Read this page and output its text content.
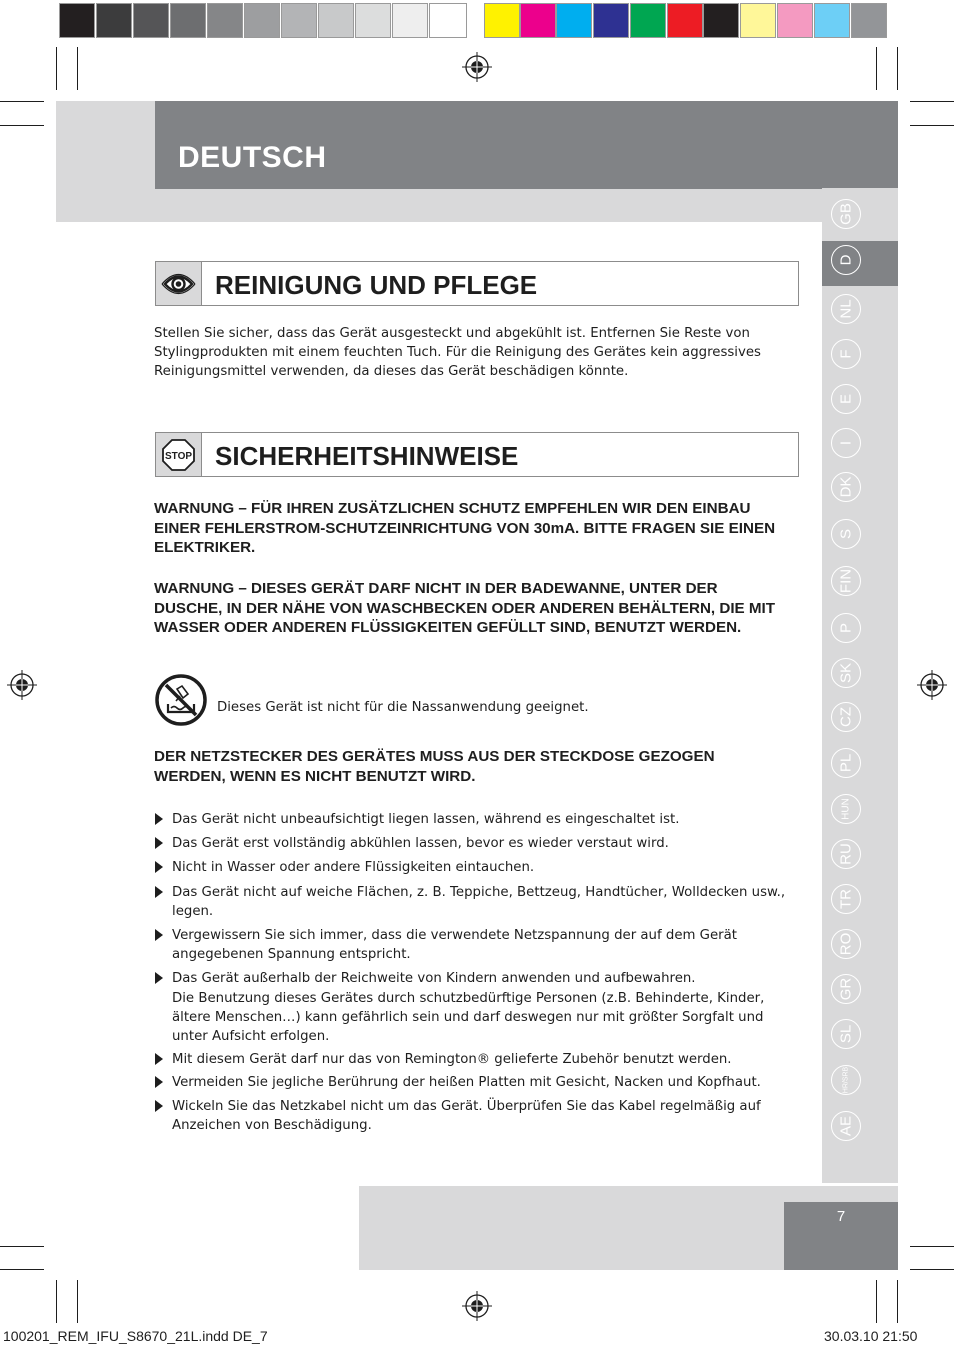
DEUTSCH
GB
D
NL
F
E
I
DK
S
FIN
P
SK
CZ
PL
HUN
RU
TR
RO
GR
SL
HR/SRB
AE
REINIGUNG UND PFLEGE
Stellen Sie sicher, dass das Gerät ausgesteckt und abgekühlt ist. Entfernen Sie Reste von Stylingprodukten mit einem feuchten Tuch. Für die Reinigung des Gerätes kein aggressives Reinigungsmittel verwenden, da dieses das Gerät beschädigen könnte.
STOP SICHERHEITSHINWEISE
WARNUNG – FÜR IHREN ZUSÄTZLICHEN SCHUTZ EMPFEHLEN WIR DEN EINBAU EINER FEHLERSTROM-SCHUTZEINRICHTUNG VON 30mA. BITTE FRAGEN SIE EINEN ELEKTRIKER.
WARNUNG – DIESES GERÄT DARF NICHT IN DER BADEWANNE, UNTER DER DUSCHE, IN DER NÄHE VON WASCHBECKEN ODER ANDEREN BEHÄLTERN, DIE MIT WASSER ODER ANDEREN FLÜSSIGKEITEN GEFÜLLT SIND, BENUTZT WERDEN.
Dieses Gerät ist nicht für die Nassanwendung geeignet.
DER NETZSTECKER DES GERÄTES MUSS AUS DER STECKDOSE GEZOGEN WERDEN, WENN ES NICHT BENUTZT WIRD.
Das Gerät nicht unbeaufsichtigt liegen lassen, während es eingeschaltet ist.
Das Gerät erst vollständig abkühlen lassen, bevor es wieder verstaut wird.
Nicht in Wasser oder andere Flüssigkeiten eintauchen.
Das Gerät nicht auf weiche Flächen, z. B. Teppiche, Bettzeug, Handtücher, Wolldecken usw., legen.
Vergewissern Sie sich immer, dass die verwendete Netzspannung der auf dem Gerät angegebenen Spannung entspricht.
Das Gerät außerhalb der Reichweite von Kindern anwenden und aufbewahren.
Die Benutzung dieses Gerätes durch schutzbedürftige Personen (z.B. Behinderte, Kinder, ältere Menschen…) kann gefährlich sein und darf deswegen nur mit größter Sorgfalt und unter Aufsicht erfolgen.
Mit diesem Gerät darf nur das von Remington® gelieferte Zubehör benutzt werden.
Vermeiden Sie jegliche Berührung der heißen Platten mit Gesicht, Nacken und Kopfhaut.
Wickeln Sie das Netzkabel nicht um das Gerät. Überprüfen Sie das Kabel regelmäßig auf Anzeichen von Beschädigung.
7
100201_REM_IFU_S8670_21L.indd DE_7	30.03.10 21:50
